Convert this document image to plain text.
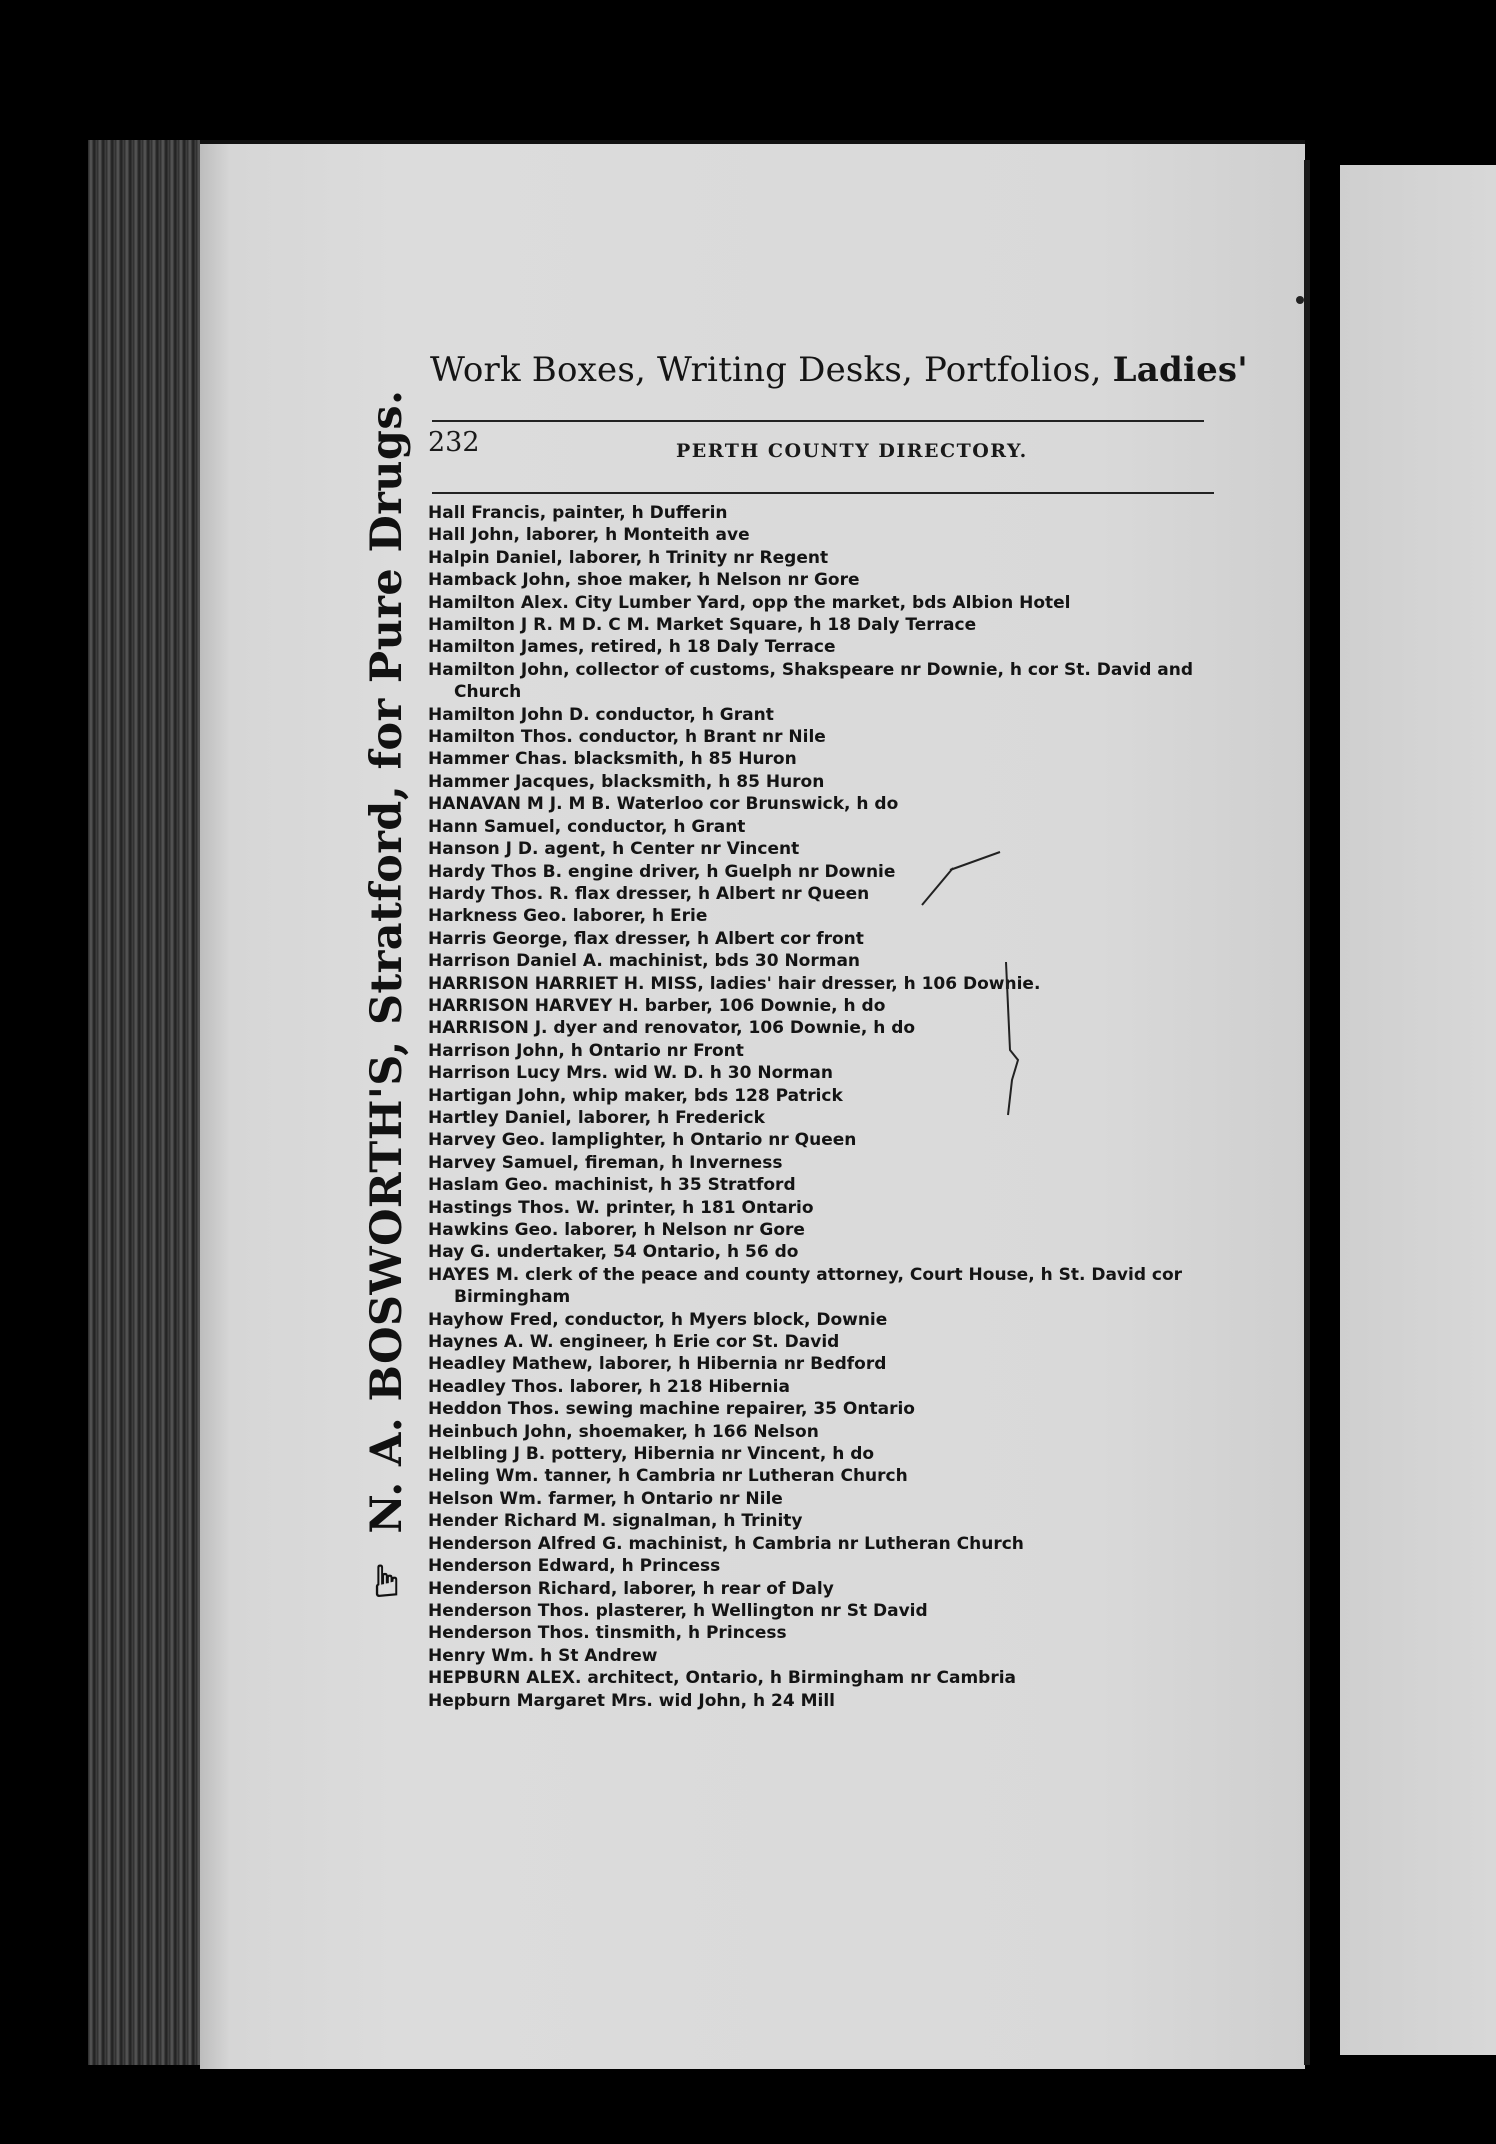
Work Boxes, Writing Desks, Portfolios, Ladies'
232	PERTH COUNTY DIRECTORY.
☞ N. A. BOSWORTH'S, Stratford, for Pure Drugs. Hall Francis, painter, h Dufferin
Hall John, laborer, h Monteith ave
Halpin Daniel, laborer, h Trinity nr Regent
Hamback John, shoe maker, h Nelson nr Gore
Hamilton Alex. City Lumber Yard, opp the market, bds Albion Hotel
Hamilton J R. M D. C M. Market Square, h 18 Daly Terrace
Hamilton James, retired, h 18 Daly Terrace
Hamilton John, collector of customs, Shakspeare nr Downie, h cor St. David and Church
Hamilton John D. conductor, h Grant
Hamilton Thos. conductor, h Brant nr Nile
Hammer Chas. blacksmith, h 85 Huron
Hammer Jacques, blacksmith, h 85 Huron
HANAVAN M J. M B. Waterloo cor Brunswick, h do
Hann Samuel, conductor, h Grant
Hanson J D. agent, h Center nr Vincent
Hardy Thos B. engine driver, h Guelph nr Downie
Hardy Thos. R. flax dresser, h Albert nr Queen
Harkness Geo. laborer, h Erie
Harris George, flax dresser, h Albert cor front
Harrison Daniel A. machinist, bds 30 Norman
HARRISON HARRIET H. MISS, ladies' hair dresser, h 106 Downie.
HARRISON HARVEY H. barber, 106 Downie, h do
HARRISON J. dyer and renovator, 106 Downie, h do
Harrison John, h Ontario nr Front
Harrison Lucy Mrs. wid W. D. h 30 Norman
Hartigan John, whip maker, bds 128 Patrick
Hartley Daniel, laborer, h Frederick
Harvey Geo. lamplighter, h Ontario nr Queen
Harvey Samuel, fireman, h Inverness
Haslam Geo. machinist, h 35 Stratford
Hastings Thos. W. printer, h 181 Ontario
Hawkins Geo. laborer, h Nelson nr Gore
Hay G. undertaker, 54 Ontario, h 56 do
HAYES M. clerk of the peace and county attorney, Court House, h St. David cor Birmingham
Hayhow Fred, conductor, h Myers block, Downie
Haynes A. W. engineer, h Erie cor St. David
Headley Mathew, laborer, h Hibernia nr Bedford
Headley Thos. laborer, h 218 Hibernia
Heddon Thos. sewing machine repairer, 35 Ontario
Heinbuch John, shoemaker, h 166 Nelson
Helbling J B. pottery, Hibernia nr Vincent, h do
Heling Wm. tanner, h Cambria nr Lutheran Church
Helson Wm. farmer, h Ontario nr Nile
Hender Richard M. signalman, h Trinity
Henderson Alfred G. machinist, h Cambria nr Lutheran Church
Henderson Edward, h Princess
Henderson Richard, laborer, h rear of Daly
Henderson Thos. plasterer, h Wellington nr St David
Henderson Thos. tinsmith, h Princess
Henry Wm. h St Andrew
HEPBURN ALEX. architect, Ontario, h Birmingham nr Cambria
Hepburn Margaret Mrs. wid John, h 24 Mill
